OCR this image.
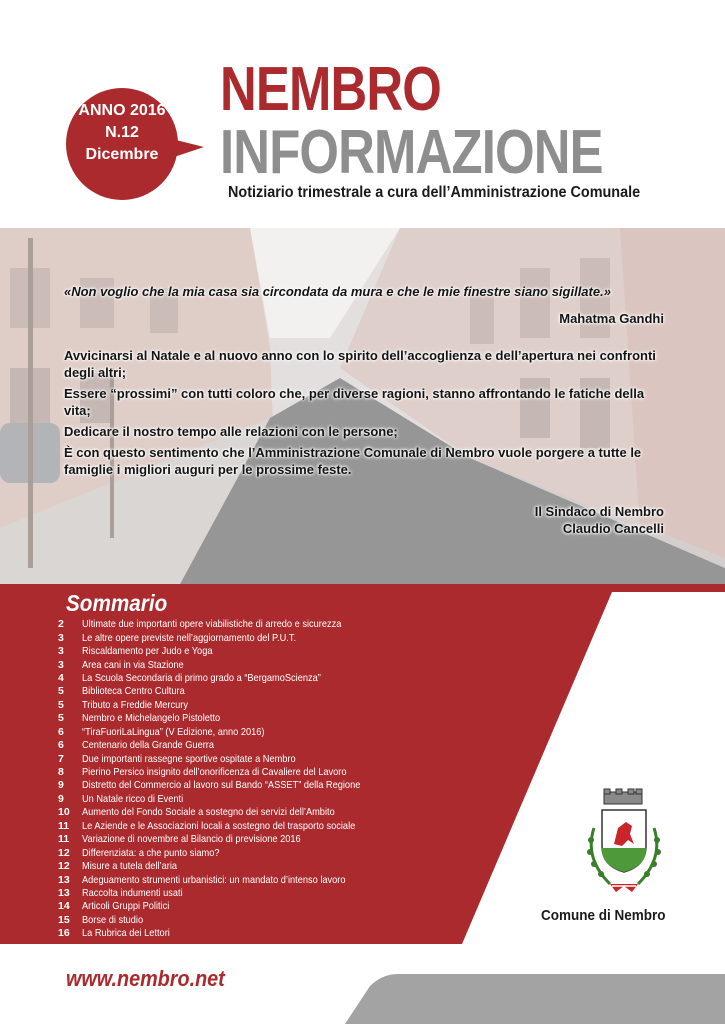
ANNO 2016
N.12
Dicembre
NEMBRO
INFORMAZIONE
Notiziario trimestrale a cura dell’Amministrazione Comunale
«Non voglio che la mia casa sia circondata da mura e che le mie finestre siano sigillate.»
Mahatma Gandhi

Avvicinarsi al Natale e al nuovo anno con lo spirito dell’accoglienza e dell’apertura nei confronti degli altri;

Essere “prossimi” con tutti coloro che, per diverse ragioni, stanno affrontando le fatiche della vita;

Dedicare il nostro tempo alle relazioni con le persone;

È con questo sentimento che l’Amministrazione Comunale di Nembro vuole porgere a tutte le famiglie i migliori auguri per le prossime feste.

Il Sindaco di Nembro
Claudio Cancelli
Sommario
2	Ultimate due importanti opere viabilistiche di arredo e sicurezza
3	Le altre opere previste nell’aggiornamento del P.U.T.
3	Riscaldamento per Judo e Yoga
3	Area cani in via Stazione
4	La Scuola Secondaria di primo grado a “BergamoScienza”
5	Biblioteca Centro Cultura
5	Tributo a Freddie Mercury
5	Nembro e Michelangelo Pistoletto
6	“TiraFuoriLaLingua” (V Edizione, anno 2016)
6	Centenario della Grande Guerra
7	Due importanti rassegne sportive ospitate a Nembro
8	Pierino Persico insignito dell’onorificenza di Cavaliere del Lavoro
9	Distretto del Commercio al lavoro sul Bando “ASSET” della Regione
9	Un Natale ricco di Eventi
10	Aumento del Fondo Sociale a sostegno dei servizi dell’Ambito
11	Le Aziende e le Associazioni locali a sostegno del trasporto sociale
11	Variazione di novembre al Bilancio di previsione 2016
12	Differenziata: a che punto siamo?
12	Misure a tutela dell’aria
13	Adeguamento strumenti urbanistici: un mandato d’intenso lavoro
13	Raccolta indumenti usati
14	Articoli Gruppi Politici
15	Borse di studio
16	La Rubrica dei Lettori
Comune di Nembro
www.nembro.net
